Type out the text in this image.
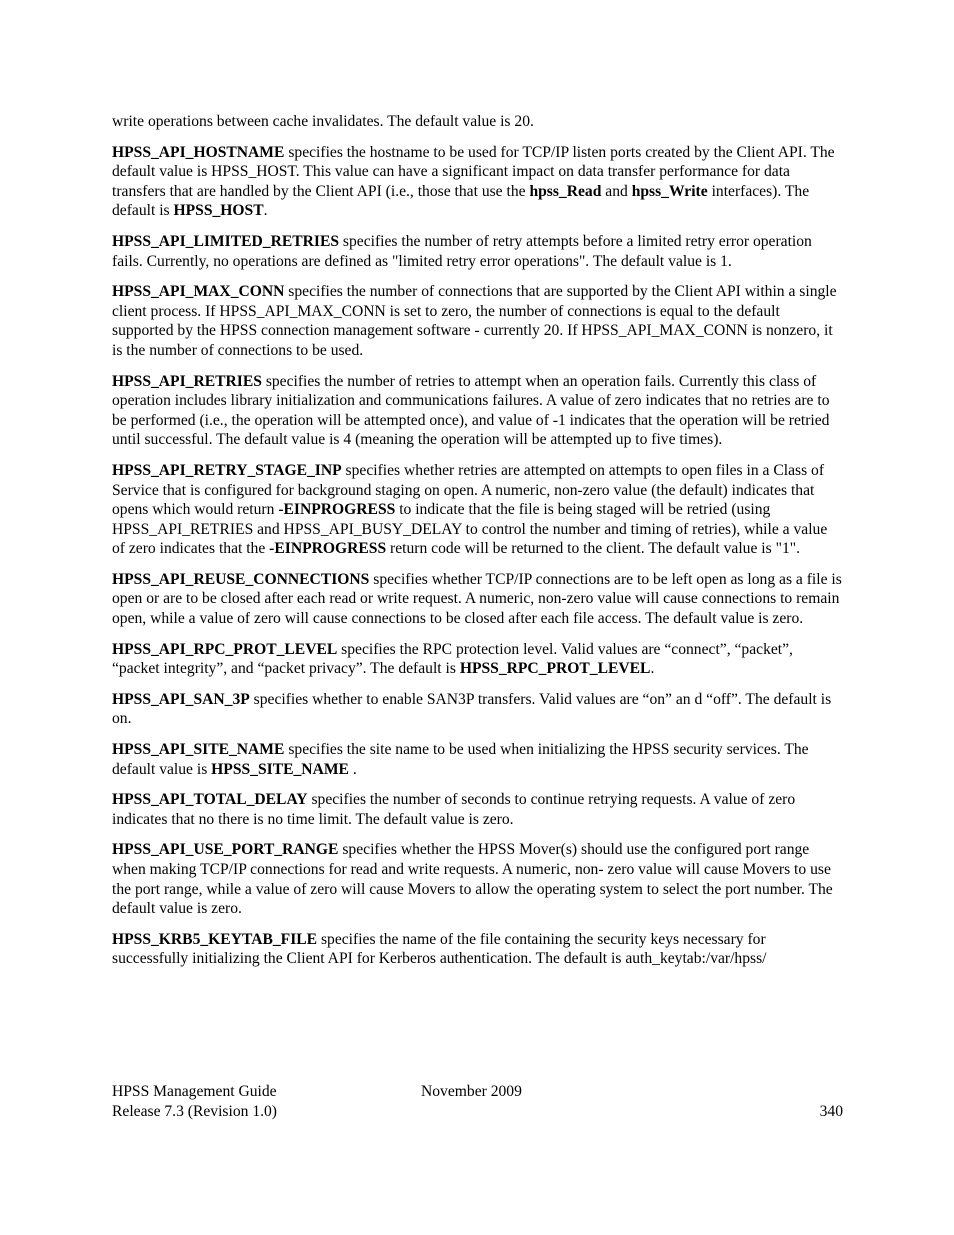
write operations between cache invalidates. The default value is 20.

HPSS_API_HOSTNAME specifies the hostname to be used for TCP/IP listen ports created by the Client API. The default value is HPSS_HOST. This value can have a significant impact on data transfer performance for data transfers that are handled by the Client API (i.e., those that use the hpss_Read and hpss_Write interfaces). The default is HPSS_HOST.

HPSS_API_LIMITED_RETRIES specifies the number of retry attempts before a limited retry error operation fails. Currently, no operations are defined as "limited retry error operations". The default value is 1.

HPSS_API_MAX_CONN specifies the number of connections that are supported by the Client API within a single client process. If HPSS_API_MAX_CONN is set to zero, the number of connections is equal to the default supported by the HPSS connection management software - currently 20. If HPSS_API_MAX_CONN is nonzero, it is the number of connections to be used.

HPSS_API_RETRIES specifies the number of retries to attempt when an operation fails. Currently this class of operation includes library initialization and communications failures. A value of zero indicates that no retries are to be performed (i.e., the operation will be attempted once), and value of -1 indicates that the operation will be retried until successful. The default value is 4 (meaning the operation will be attempted up to five times).

HPSS_API_RETRY_STAGE_INP specifies whether retries are attempted on attempts to open files in a Class of Service that is configured for background staging on open. A numeric, non-zero value (the default) indicates that opens which would return -EINPROGRESS to indicate that the file is being staged will be retried (using HPSS_API_RETRIES and HPSS_API_BUSY_DELAY to control the number and timing of retries), while a value of zero indicates that the -EINPROGRESS return code will be returned to the client. The default value is "1".

HPSS_API_REUSE_CONNECTIONS specifies whether TCP/IP connections are to be left open as long as a file is open or are to be closed after each read or write request. A numeric, non-zero value will cause connections to remain open, while a value of zero will cause connections to be closed after each file access. The default value is zero.

HPSS_API_RPC_PROT_LEVEL specifies the RPC protection level. Valid values are “connect”, “packet”, “packet integrity”, and “packet privacy”. The default is HPSS_RPC_PROT_LEVEL.

HPSS_API_SAN_3P specifies whether to enable SAN3P transfers. Valid values are “on” an d “off”. The default is on.

HPSS_API_SITE_NAME specifies the site name to be used when initializing the HPSS security services. The default value is HPSS_SITE_NAME .

HPSS_API_TOTAL_DELAY specifies the number of seconds to continue retrying requests. A value of zero indicates that no there is no time limit. The default value is zero.

HPSS_API_USE_PORT_RANGE specifies whether the HPSS Mover(s) should use the configured port range when making TCP/IP connections for read and write requests. A numeric, non- zero value will cause Movers to use the port range, while a value of zero will cause Movers to allow the operating system to select the port number. The default value is zero.

HPSS_KRB5_KEYTAB_FILE specifies the name of the file containing the security keys necessary for successfully initializing the Client API for Kerberos authentication. The default is auth_keytab:/var/hpss/

HPSS Management Guide
Release 7.3 (Revision 1.0)
November 2009
340
